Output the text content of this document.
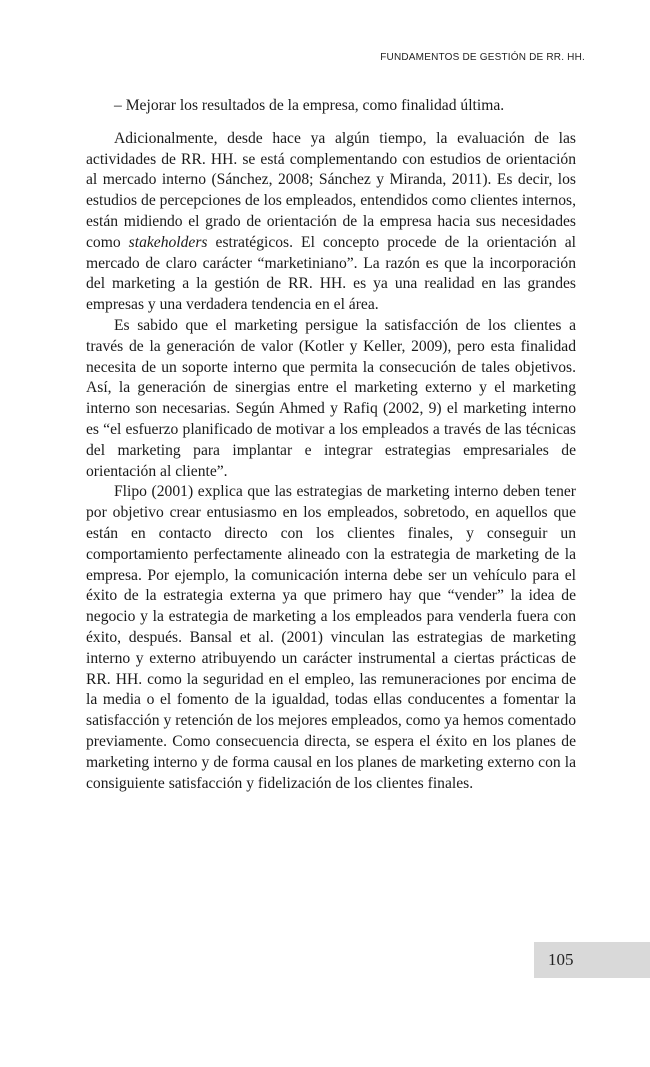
FUNDAMENTOS DE GESTIÓN DE RR. HH.

– Mejorar los resultados de la empresa, como finalidad última.

Adicionalmente, desde hace ya algún tiempo, la evaluación de las actividades de RR. HH. se está complementando con estudios de orientación al mercado interno (Sánchez, 2008; Sánchez y Miranda, 2011). Es decir, los estudios de percepciones de los empleados, entendidos como clientes internos, están midiendo el grado de orientación de la empresa hacia sus necesidades como stakeholders estratégicos. El concepto procede de la orientación al mercado de claro carácter “marketiniano”. La razón es que la incorporación del marketing a la gestión de RR. HH. es ya una realidad en las grandes empresas y una verdadera tendencia en el área.

Es sabido que el marketing persigue la satisfacción de los clientes a través de la generación de valor (Kotler y Keller, 2009), pero esta finalidad necesita de un soporte interno que permita la consecución de tales objetivos. Así, la generación de sinergias entre el marketing externo y el marketing interno son necesarias. Según Ahmed y Rafiq (2002, 9) el marketing interno es “el esfuerzo planificado de motivar a los empleados a través de las técnicas del marketing para implantar e integrar estrategias empresariales de orientación al cliente”.

Flipo (2001) explica que las estrategias de marketing interno deben tener por objetivo crear entusiasmo en los empleados, sobretodo, en aquellos que están en contacto directo con los clientes finales, y conseguir un comportamiento perfectamente alineado con la estrategia de marketing de la empresa. Por ejemplo, la comunicación interna debe ser un vehículo para el éxito de la estrategia externa ya que primero hay que “vender” la idea de negocio y la estrategia de marketing a los empleados para venderla fuera con éxito, después. Bansal et al. (2001) vinculan las estrategias de marketing interno y externo atribuyendo un carácter instrumental a ciertas prácticas de RR. HH. como la seguridad en el empleo, las remuneraciones por encima de la media o el fomento de la igualdad, todas ellas conducentes a fomentar la satisfacción y retención de los mejores empleados, como ya hemos comentado previamente. Como consecuencia directa, se espera el éxito en los planes de marketing interno y de forma causal en los planes de marketing externo con la consiguiente satisfacción y fidelización de los clientes finales.

105
